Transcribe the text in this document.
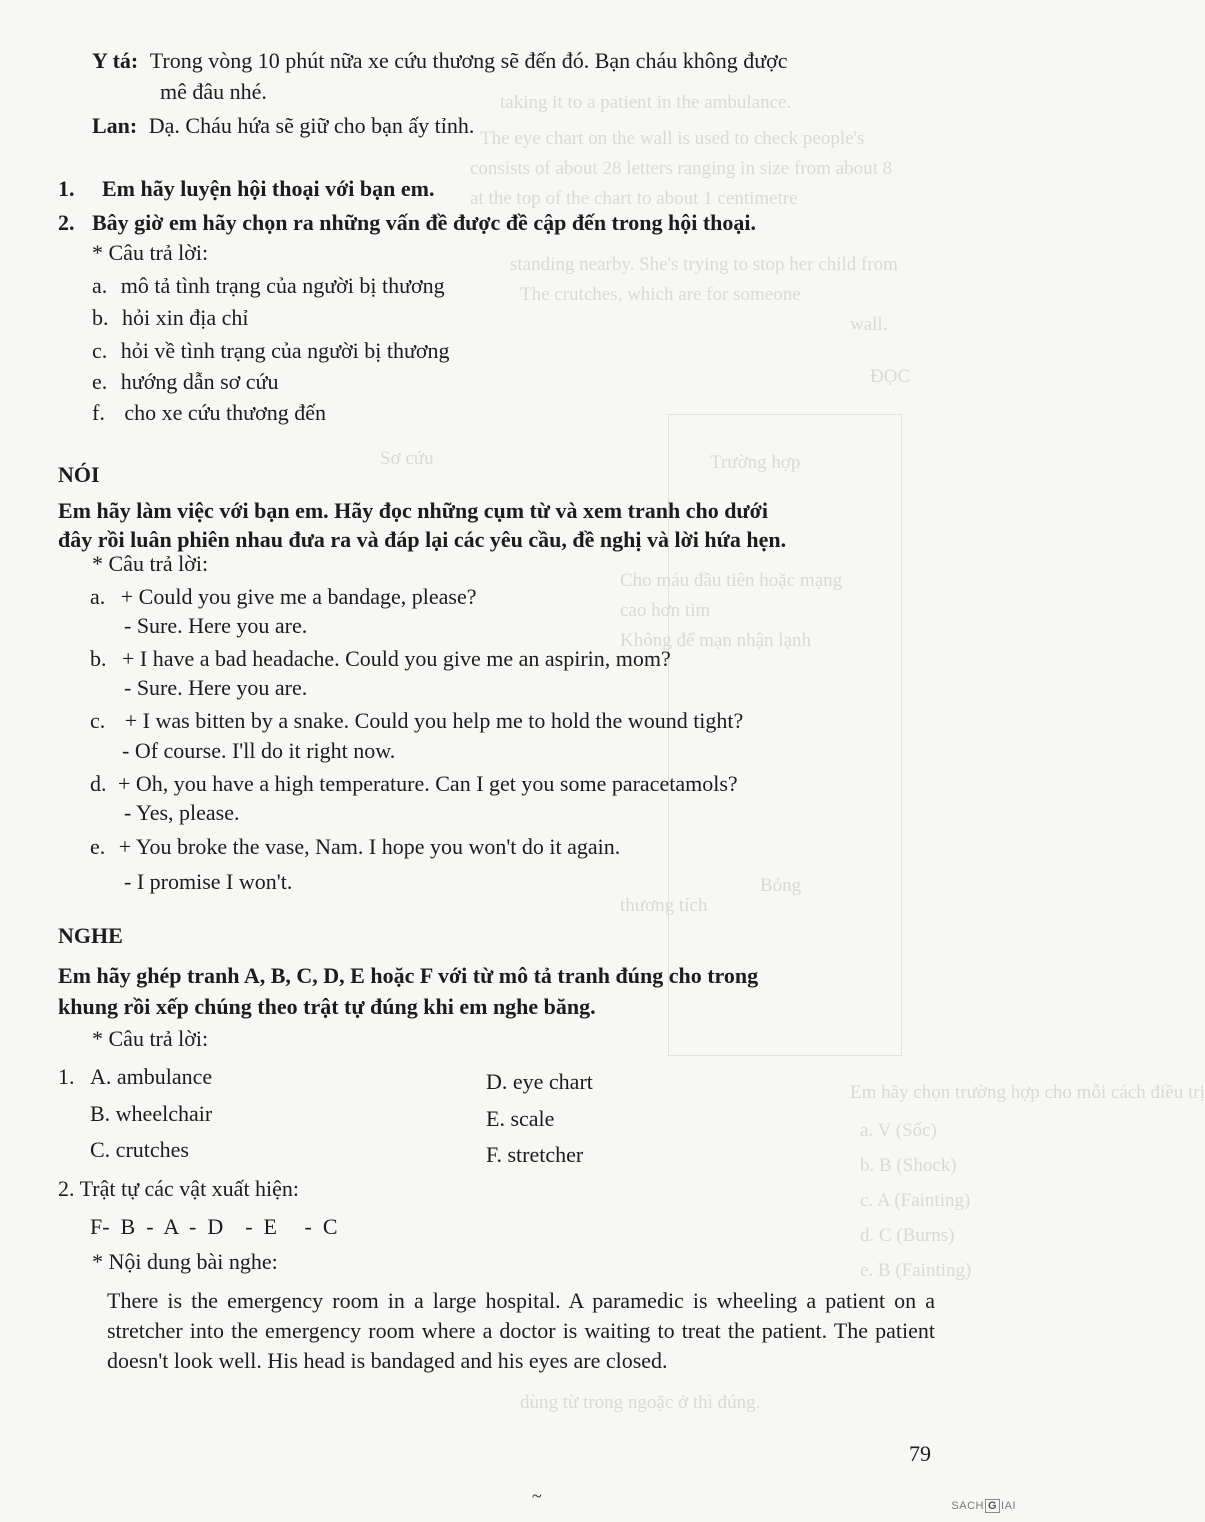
taking it to a patient in the ambulance.
The eye chart on the wall is used to check people's
consists of about 28 letters ranging in size from about 8
at the top of the chart to about 1 centimetre
standing nearby. She's trying to stop her child from
The crutches, which are for someone
wall.
ĐỌC
Trường hợp
Sơ cứu
Cho máu đầu tiên hoặc mạng
cao hơn tim
Không để mạn nhận lạnh
Bỏng
thương tích
Em hãy chọn trường hợp cho mỗi cách điều trị
a. V (Sốc)
b. B (Shock)
c. A (Fainting)
d. C (Burns)
e. B (Fainting)
dùng từ trong ngoặc ở thì đúng.
Y tá: Trong vòng 10 phút nữa xe cứu thương sẽ đến đó. Bạn cháu không được
mê đâu nhé.
Lan: Dạ. Cháu hứa sẽ giữ cho bạn ấy tỉnh.
1. Em hãy luyện hội thoại với bạn em.
2. Bây giờ em hãy chọn ra những vấn đề được đề cập đến trong hội thoại.
* Câu trả lời:
a. mô tả tình trạng của người bị thương
b. hỏi xin địa chỉ
c. hỏi về tình trạng của người bị thương
e. hướng dẫn sơ cứu
f. cho xe cứu thương đến
NÓI
Em hãy làm việc với bạn em. Hãy đọc những cụm từ và xem tranh cho dưới
đây rồi luân phiên nhau đưa ra và đáp lại các yêu cầu, đề nghị và lời hứa hẹn.
* Câu trả lời:
a. + Could you give me a bandage, please?
- Sure. Here you are.
b. + I have a bad headache. Could you give me an aspirin, mom?
- Sure. Here you are.
c. + I was bitten by a snake. Could you help me to hold the wound tight?
- Of course. I'll do it right now.
d. + Oh, you have a high temperature. Can I get you some paracetamols?
- Yes, please.
e. + You broke the vase, Nam. I hope you won't do it again.
- I promise I won't.
NGHE
Em hãy ghép tranh A, B, C, D, E hoặc F với từ mô tả tranh đúng cho trong
khung rồi xếp chúng theo trật tự đúng khi em nghe băng.
* Câu trả lời:
1. A. ambulance
B. wheelchair
C. crutches
D. eye chart
E. scale
F. stretcher
2. Trật tự các vật xuất hiện:
F-  B  -  A  -  D    -  E     -  C
* Nội dung bài nghe:
There is the emergency room in a large hospital. A paramedic is wheeling a patient on a stretcher into the emergency room where a doctor is waiting to treat the patient. The patient doesn't look well. His head is bandaged and his eyes are closed.
79
~	SACH G IAI
